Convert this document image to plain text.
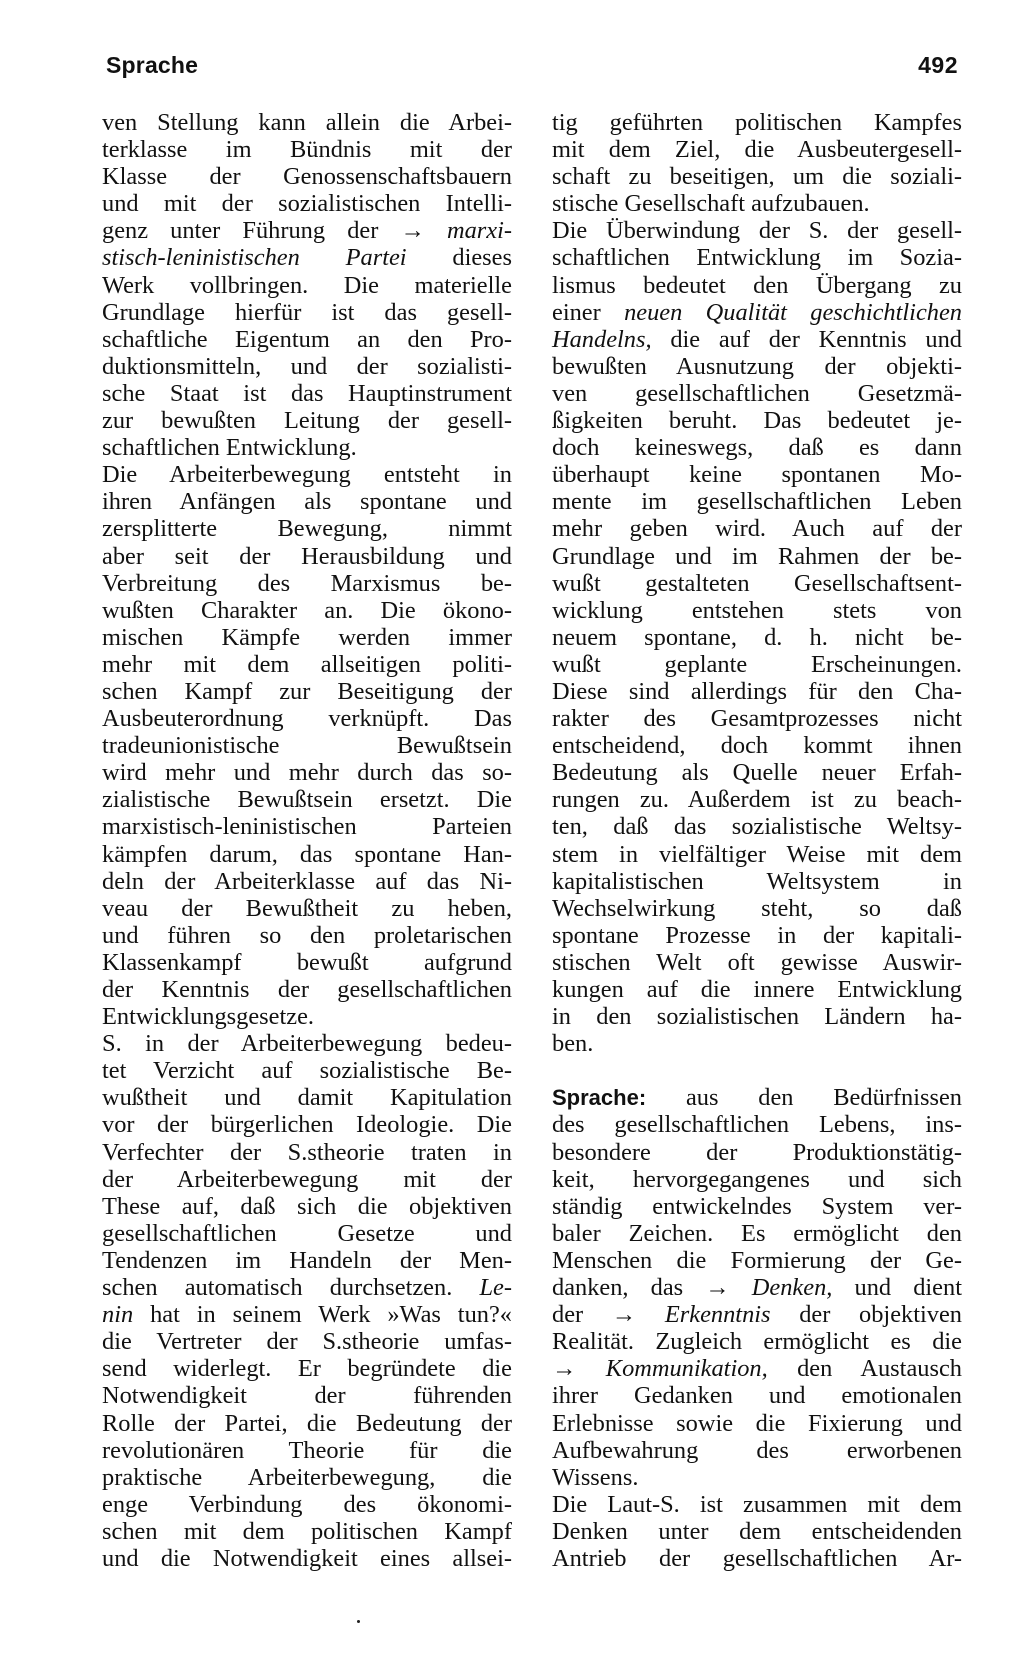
Sprache	492
ven Stellung kann allein die Arbei-
terklasse im Bündnis mit der
Klasse der Genossenschaftsbauern
und mit der sozialistischen Intelli-
genz unter Führung der → marxi-
stisch-leninistischen Partei dieses
Werk vollbringen. Die materielle
Grundlage hierfür ist das gesell-
schaftliche Eigentum an den Pro-
duktionsmitteln, und der sozialisti-
sche Staat ist das Hauptinstrument
zur bewußten Leitung der gesell-
schaftlichen Entwicklung.
Die Arbeiterbewegung entsteht in
ihren Anfängen als spontane und
zersplitterte Bewegung, nimmt
aber seit der Herausbildung und
Verbreitung des Marxismus be-
wußten Charakter an. Die ökono-
mischen Kämpfe werden immer
mehr mit dem allseitigen politi-
schen Kampf zur Beseitigung der
Ausbeuterordnung verknüpft. Das
tradeunionistische Bewußtsein
wird mehr und mehr durch das so-
zialistische Bewußtsein ersetzt. Die
marxistisch-leninistischen Parteien
kämpfen darum, das spontane Han-
deln der Arbeiterklasse auf das Ni-
veau der Bewußtheit zu heben,
und führen so den proletarischen
Klassenkampf bewußt aufgrund
der Kenntnis der gesellschaftlichen
Entwicklungsgesetze.
S. in der Arbeiterbewegung bedeu-
tet Verzicht auf sozialistische Be-
wußtheit und damit Kapitulation
vor der bürgerlichen Ideologie. Die
Verfechter der S.stheorie traten in
der Arbeiterbewegung mit der
These auf, daß sich die objektiven
gesellschaftlichen Gesetze und
Tendenzen im Handeln der Men-
schen automatisch durchsetzen. Le-
nin hat in seinem Werk »Was tun?«
die Vertreter der S.stheorie umfas-
send widerlegt. Er begründete die
Notwendigkeit der führenden
Rolle der Partei, die Bedeutung der
revolutionären Theorie für die
praktische Arbeiterbewegung, die
enge Verbindung des ökonomi-
schen mit dem politischen Kampf
und die Notwendigkeit eines allsei-
tig geführten politischen Kampfes
mit dem Ziel, die Ausbeutergesell-
schaft zu beseitigen, um die soziali-
stische Gesellschaft aufzubauen.
Die Überwindung der S. der gesell-
schaftlichen Entwicklung im Sozia-
lismus bedeutet den Übergang zu
einer neuen Qualität geschichtlichen
Handelns, die auf der Kenntnis und
bewußten Ausnutzung der objekti-
ven gesellschaftlichen Gesetzmä-
ßigkeiten beruht. Das bedeutet je-
doch keineswegs, daß es dann
überhaupt keine spontanen Mo-
mente im gesellschaftlichen Leben
mehr geben wird. Auch auf der
Grundlage und im Rahmen der be-
wußt gestalteten Gesellschaftsent-
wicklung entstehen stets von
neuem spontane, d. h. nicht be-
wußt geplante Erscheinungen.
Diese sind allerdings für den Cha-
rakter des Gesamtprozesses nicht
entscheidend, doch kommt ihnen
Bedeutung als Quelle neuer Erfah-
rungen zu. Außerdem ist zu beach-
ten, daß das sozialistische Weltsy-
stem in vielfältiger Weise mit dem
kapitalistischen Weltsystem in
Wechselwirkung steht, so daß
spontane Prozesse in der kapitali-
stischen Welt oft gewisse Auswir-
kungen auf die innere Entwicklung
in den sozialistischen Ländern ha-
ben.
Sprache: aus den Bedürfnissen
des gesellschaftlichen Lebens, ins-
besondere der Produktionstätig-
keit, hervorgegangenes und sich
ständig entwickelndes System ver-
baler Zeichen. Es ermöglicht den
Menschen die Formierung der Ge-
danken, das → Denken, und dient
der → Erkenntnis der objektiven
Realität. Zugleich ermöglicht es die
→ Kommunikation, den Austausch
ihrer Gedanken und emotionalen
Erlebnisse sowie die Fixierung und
Aufbewahrung des erworbenen
Wissens.
Die Laut-S. ist zusammen mit dem
Denken unter dem entscheidenden
Antrieb der gesellschaftlichen Ar-
